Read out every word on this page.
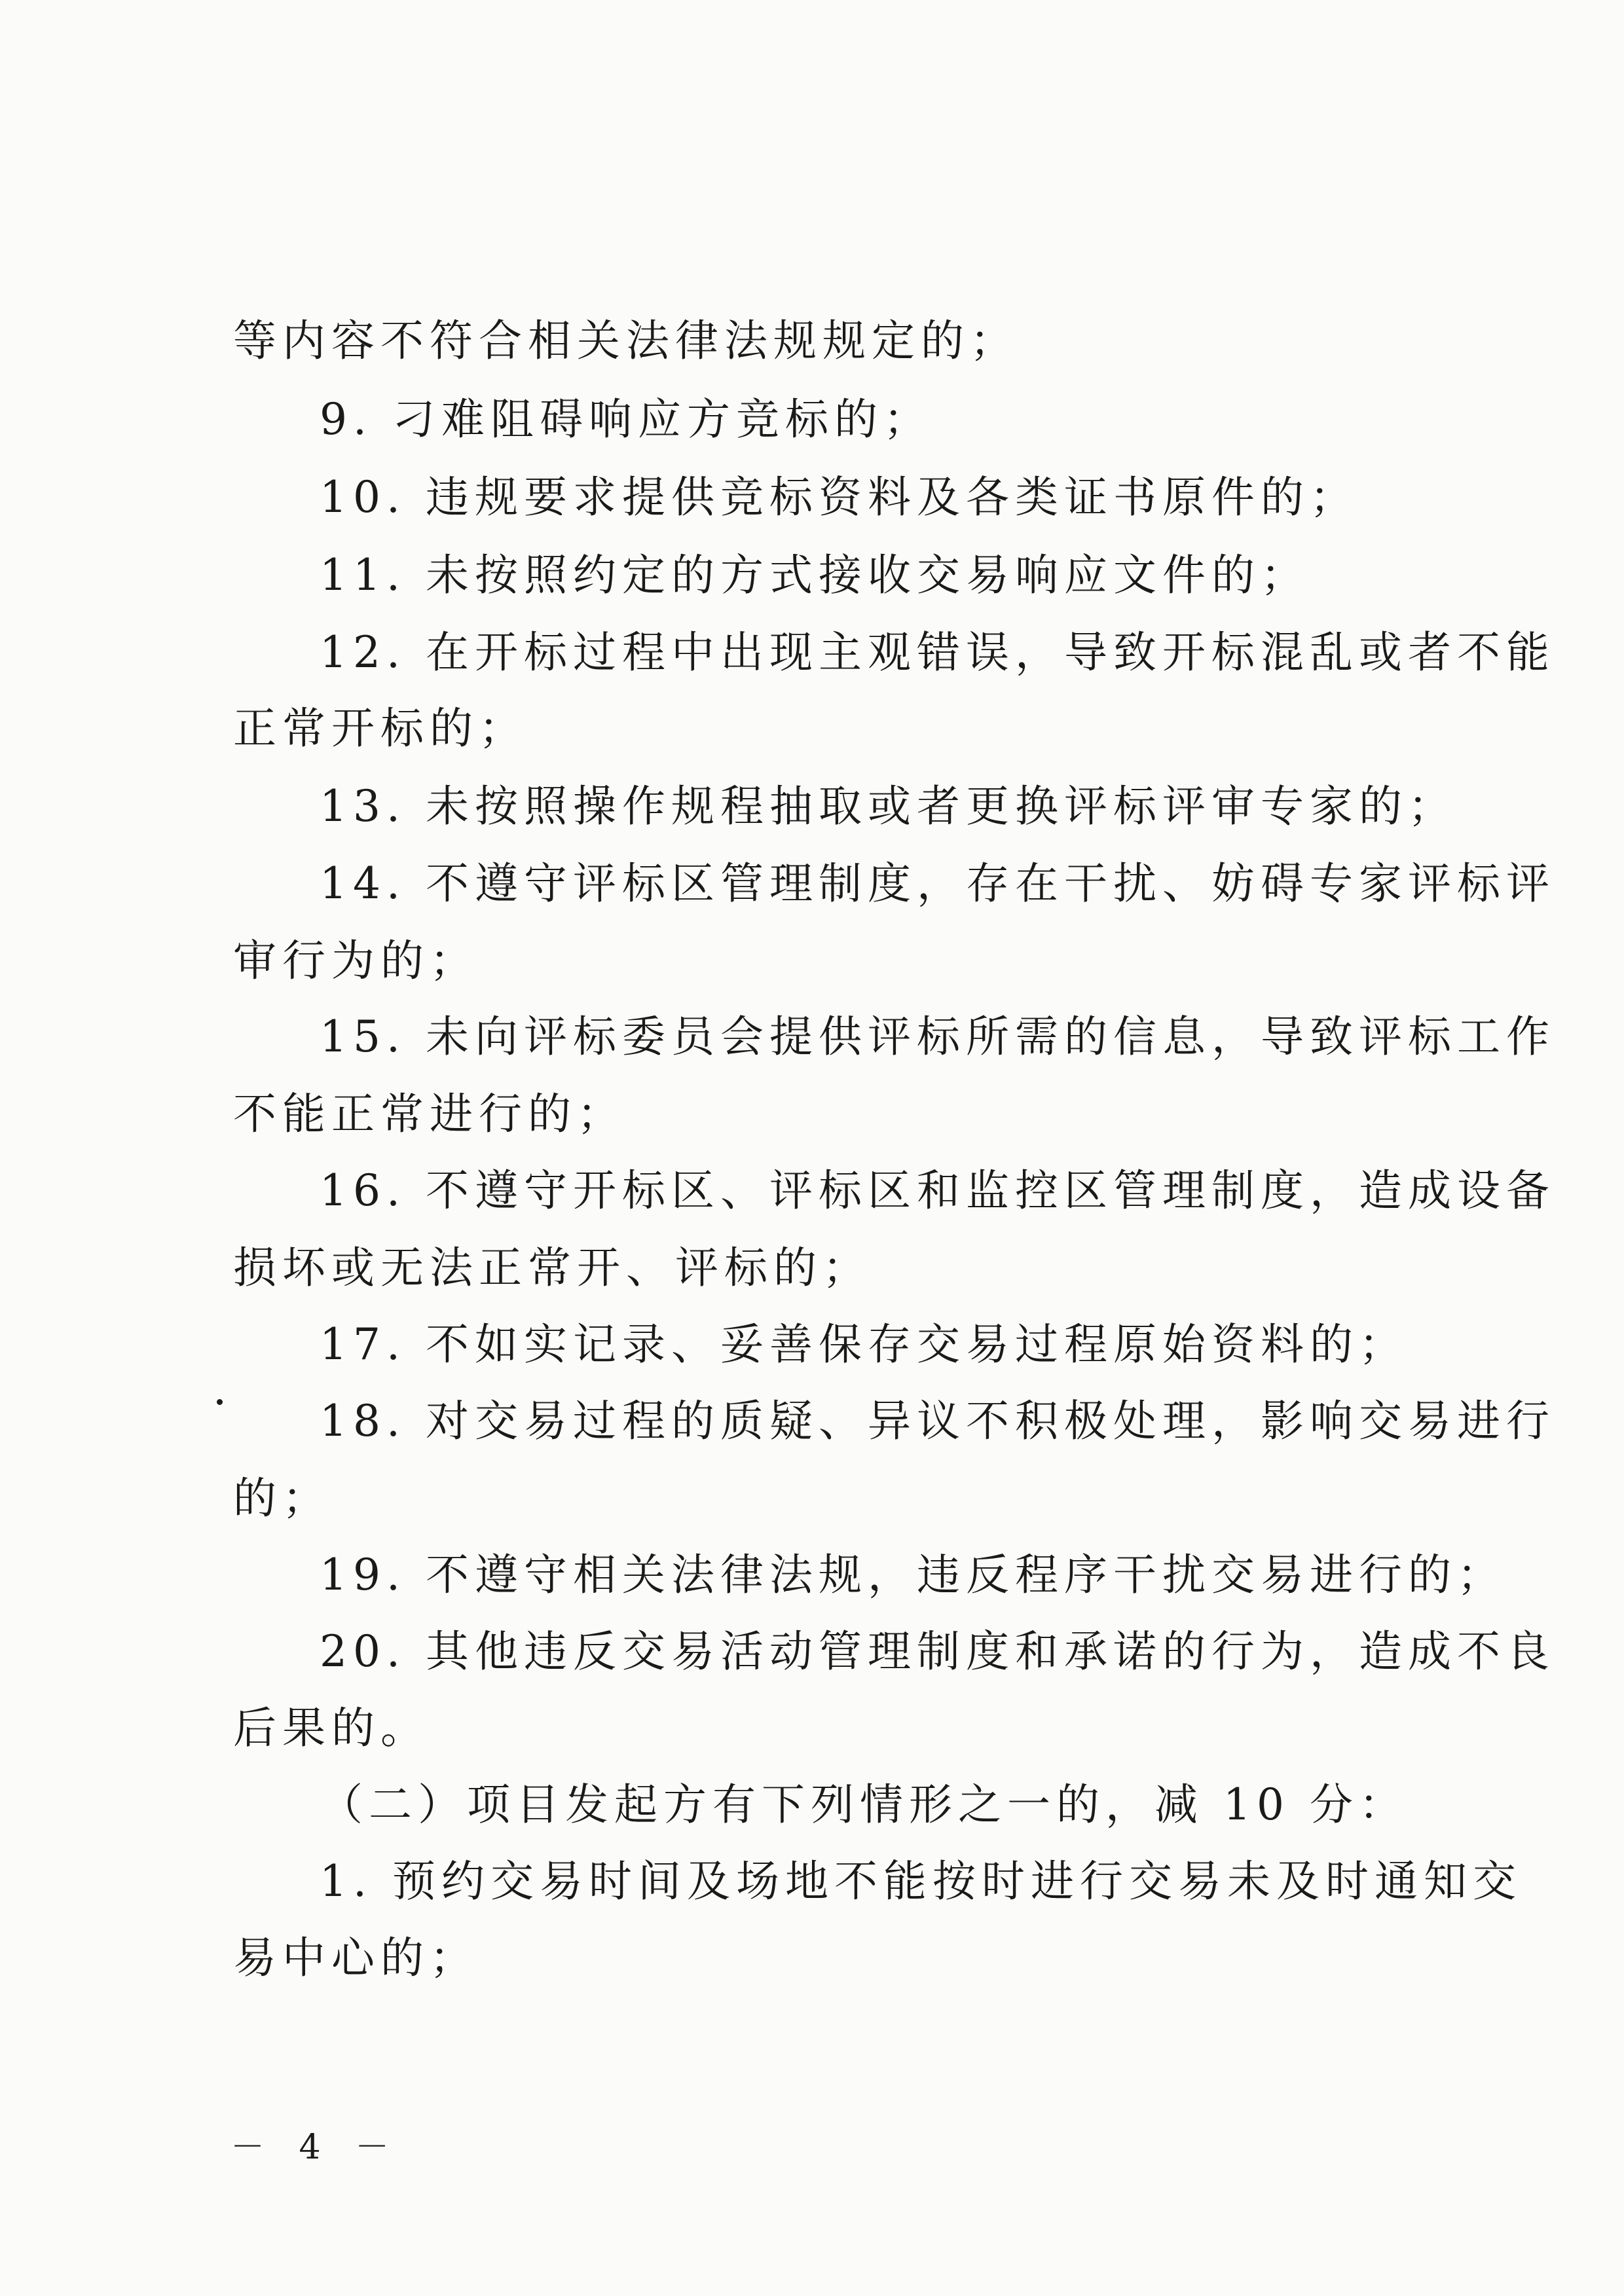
等内容不符合相关法律法规规定的；
9. 刁难阻碍响应方竞标的；
10. 违规要求提供竞标资料及各类证书原件的；
11. 未按照约定的方式接收交易响应文件的；
12. 在开标过程中出现主观错误，导致开标混乱或者不能
正常开标的；
13. 未按照操作规程抽取或者更换评标评审专家的；
14. 不遵守评标区管理制度，存在干扰、妨碍专家评标评
审行为的；
15. 未向评标委员会提供评标所需的信息，导致评标工作
不能正常进行的；
16. 不遵守开标区、评标区和监控区管理制度，造成设备
损坏或无法正常开、评标的；
17. 不如实记录、妥善保存交易过程原始资料的；
18. 对交易过程的质疑、异议不积极处理，影响交易进行
的；
19. 不遵守相关法律法规，违反程序干扰交易进行的；
20. 其他违反交易活动管理制度和承诺的行为，造成不良
后果的。
（二）项目发起方有下列情形之一的，减 10 分：
1. 预约交易时间及场地不能按时进行交易未及时通知交
易中心的；
－ 4 －
